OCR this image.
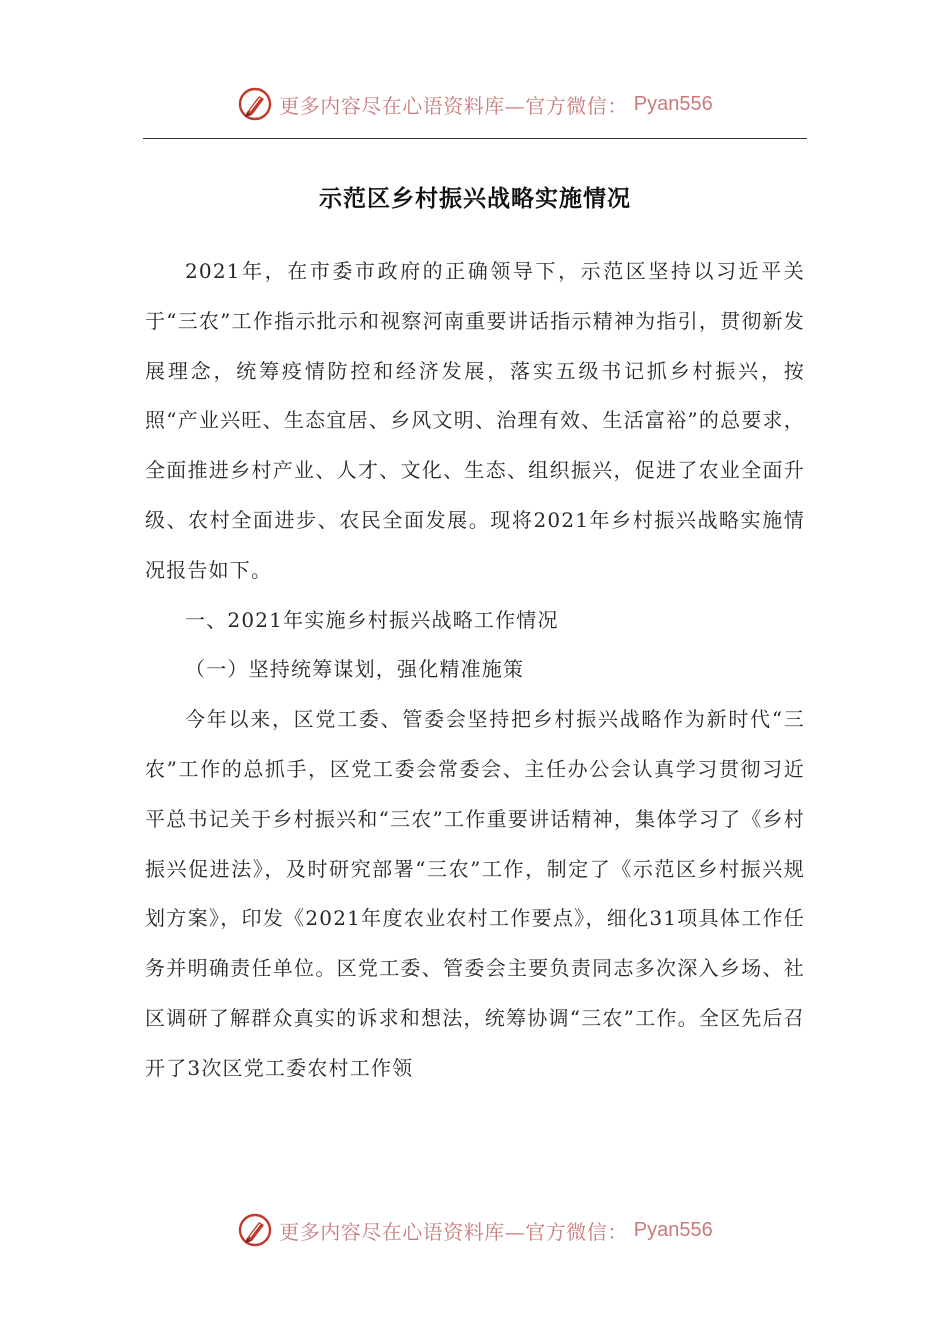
更多内容尽在心语资料库—官方微信： Pyan556
示范区乡村振兴战略实施情况

2021年，在市委市政府的正确领导下，示范区坚持以习近平关于“三农”工作指示批示和视察河南重要讲话指示精神为指引，贯彻新发展理念，统筹疫情防控和经济发展，落实五级书记抓乡村振兴，按照“产业兴旺、生态宜居、乡风文明、治理有效、生活富裕”的总要求，全面推进乡村产业、人才、文化、生态、组织振兴，促进了农业全面升级、农村全面进步、农民全面发展。现将2021年乡村振兴战略实施情况报告如下。

一、2021年实施乡村振兴战略工作情况

（一）坚持统筹谋划，强化精准施策

今年以来，区党工委、管委会坚持把乡村振兴战略作为新时代“三农”工作的总抓手，区党工委会常委会、主任办公会认真学习贯彻习近平总书记关于乡村振兴和“三农”工作重要讲话精神，集体学习了《乡村振兴促进法》，及时研究部署“三农”工作，制定了《示范区乡村振兴规划方案》，印发《2021年度农业农村工作要点》，细化31项具体工作任务并明确责任单位。区党工委、管委会主要负责同志多次深入乡场、社区调研了解群众真实的诉求和想法，统筹协调“三农”工作。全区先后召开了3次区党工委农村工作领

更多内容尽在心语资料库—官方微信： Pyan556
